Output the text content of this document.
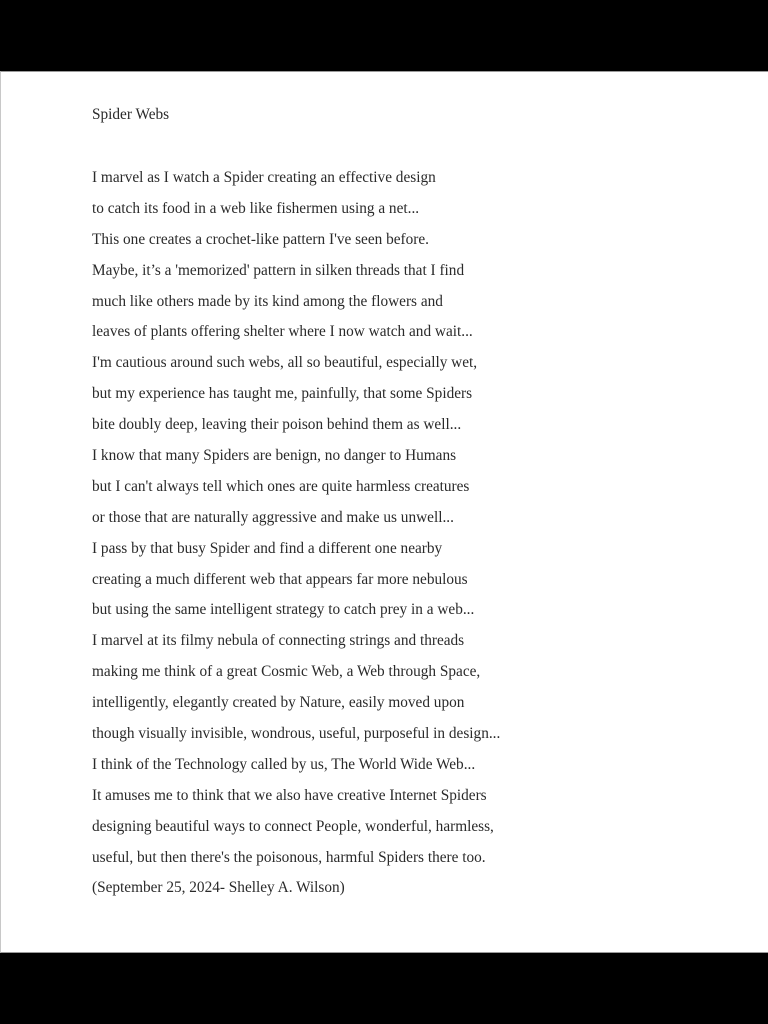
Spider Webs
I marvel as I watch a Spider creating an effective design
to catch its food in a web like fishermen using a net...
This one creates a crochet-like pattern I've seen before.
Maybe, it’s a 'memorized' pattern in silken threads that I find
much like others made by its kind among the flowers and
leaves of plants offering shelter where I now watch and wait...
I'm cautious around such webs, all so beautiful, especially wet,
but my experience has taught me, painfully, that some Spiders
bite doubly deep, leaving their poison behind them as well...
I know that many Spiders are benign, no danger to Humans
but I can't always tell which ones are quite harmless creatures
or those that are naturally aggressive and make us unwell...
I pass by that busy Spider and find a different one nearby
creating a much different web that appears far more nebulous
but using the same intelligent strategy to catch prey in a web...
I marvel at its filmy nebula of connecting strings and threads
making me think of a great Cosmic Web, a Web through Space,
intelligently, elegantly created by Nature, easily moved upon
though visually invisible, wondrous, useful, purposeful in design...
I think of the Technology called by us, The World Wide Web...
It amuses me to think that we also have creative Internet Spiders
designing beautiful ways to connect People, wonderful, harmless,
useful, but then there's the poisonous, harmful Spiders there too.
(September 25, 2024- Shelley A. Wilson)
